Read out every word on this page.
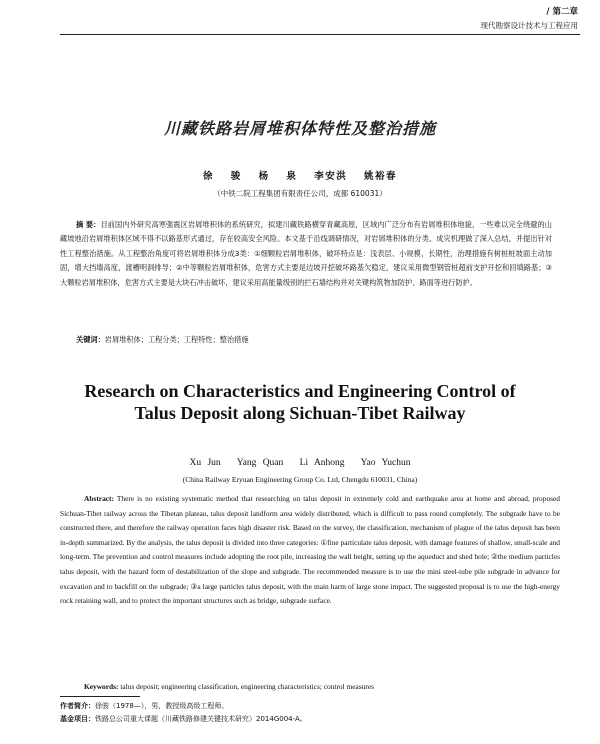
/ 第二章
现代勘察设计技术与工程应用
川藏铁路岩屑堆积体特性及整治措施
徐 骏 杨 泉 李安洪 姚裕春
（中铁二院工程集团有限责任公司，成都 610031）
摘 要：目前国内外研究高寒强震区岩屑堆积体的系统研究，拟建川藏铁路横穿青藏高原，区域内广泛分布有岩屑堆积体地貌，一些难以完全绕避的山藏坡地沿岩屑堆积体区域不得不以路基形式通过，存在较高安全风险。本文基于沿线调研情况，对岩屑堆积体的分类、成灾机理做了深入总结，并提出针对性工程整治措施。从工程整治角度可将岩屑堆积体分成3类：①细颗粒岩屑堆积体，破坏特点是：浅表层、小规模、长期性，治理措施有树桩桩坡面主动加固，增大挡墙高度，渡槽明洞排导；②中等颗粒岩屑堆积体，危害方式主要是边坡开挖破坏路基欠稳定，建议采用微型钢管桩超前支护开挖和回填路基；③大颗粒岩屑堆积体，危害方式主要是大块石冲击破坏，建议采用高能量级别的拦石墙结构并对关键构筑物加防护、路面等进行防护。
关键词：岩屑堆积体；工程分类；工程特性；整治措施
Research on Characteristics and Engineering Control of
Talus Deposit along Sichuan-Tibet Railway
Xu Jun Yang Quan Li Anhong Yao Yuchun
(China Railway Eryuan Engineering Group Co. Ltd, Chengdu 610031, China)
Abstract: There is no existing systematic method that researching on talus deposit in extremely cold and earthquake area at home and abroad, proposed Sichuan-Tibet railway across the Tibetan plateau, talus deposit landform area widely distributed, which is difficult to pass round completely. The subgrade have to be constructed there, and therefore the railway operation faces high disaster risk. Based on the survey, the classification, mechanism of plague of the talus deposit has been in-depth summarized. By the analysis, the talus deposit is divided into three categories: ①fine particulate talus deposit, with damage features of shallow, small-scale and long-term. The prevention and control measures include adopting the root pile, increasing the wall height, setting up the aqueduct and shed hole; ②the medium particles talus deposit, with the hazard form of destabilization of the slope and subgrade. The recommended measure is to use the mini steel-tube pile subgrade in advance for excavation and to backfill on the subgrade; ③a large particles talus deposit, with the main harm of large stone impact. The suggested proposal is to use the high-energy rock retaining wall, and to protect the important structures such as bridge, subgrade surface.
Keywords: talus deposit; engineering classification, engineering characteristics; control measures
作者简介：徐骏（1978—），男，教授级高级工程师。
基金项目：铁路总公司重大课题（川藏铁路修建关键技术研究）2014G004-A。
